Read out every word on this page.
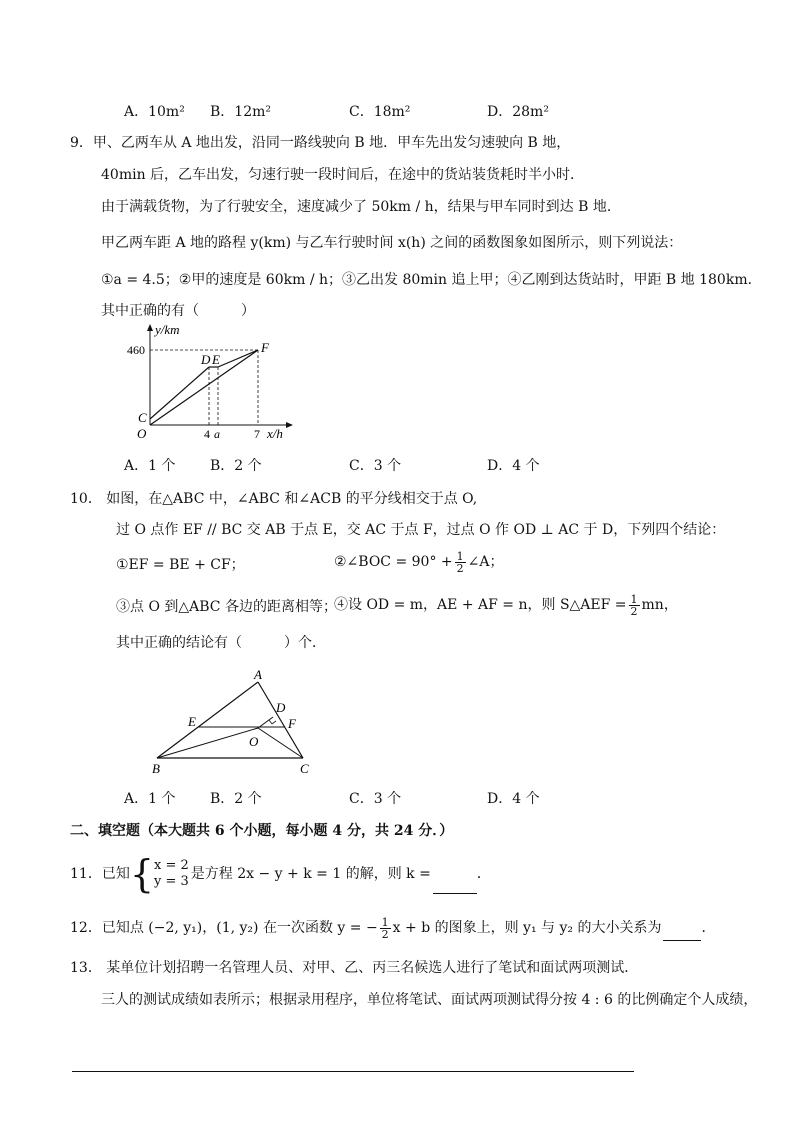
A．10m² B．12m²	C．18m²	D．28m²
9．甲、乙两车从 A 地出发，沿同一路线驶向 B 地．甲车先出发匀速驶向 B 地，
40min 后，乙车出发，匀速行驶一段时间后，在途中的货站装货耗时半小时．
由于满载货物，为了行驶安全，速度减少了 50km / h，结果与甲车同时到达 B 地．
甲乙两车距 A 地的路程 y(km) 与乙车行驶时间 x(h) 之间的函数图象如图所示，则下列说法：
①a = 4.5；②甲的速度是 60km / h；③乙出发 80min 追上甲；④乙刚到达货站时，甲距 B 地 180km．
其中正确的有（　　　）
y/km
460
O
C
D E
F
4 a	7 x/h
A．1 个 B．2 个	C．3 个	D．4 个
10． 如图，在△ABC 中，∠ABC 和∠ACB 的平分线相交于点 O,
过 O 点作 EF // BC 交 AB 于点 E，交 AC 于点 F，过点 O 作 OD ⊥ AC 于 D，下列四个结论：
①EF = BE + CF；	②∠BOC = $90^\circ + \frac{1}{2}$ ∠A；
③点 O 到△ABC 各边的距离相等；
④设 OD = m，AE + AF = n，则 S△AEF = $\frac{1}{2}$ mn，
其中正确的结论有（　　　）个．
A
D
E	F
O
B	C
A．1 个 B．2 个	C．3 个	D．4 个
二、填空题（本大题共 6 个小题，每小题 4 分，共 24 分．）
11．已知{ x = 2
y = 3 是方程 2x − y + k = 1 的解，则 k =	．
12．已知点 (−2, y₁)，(1, y₂) 在一次函数 y = − $\frac{1}{2}$ x + b 的图象上，则 y₁ 与 y₂ 的大小关系为	．
13． 某单位计划招聘一名管理人员、对甲、乙、丙三名候选人进行了笔试和面试两项测试．
三人的测试成绩如表所示；根据录用程序，单位将笔试、面试两项测试得分按 4 : 6 的比例确定个人成绩，
